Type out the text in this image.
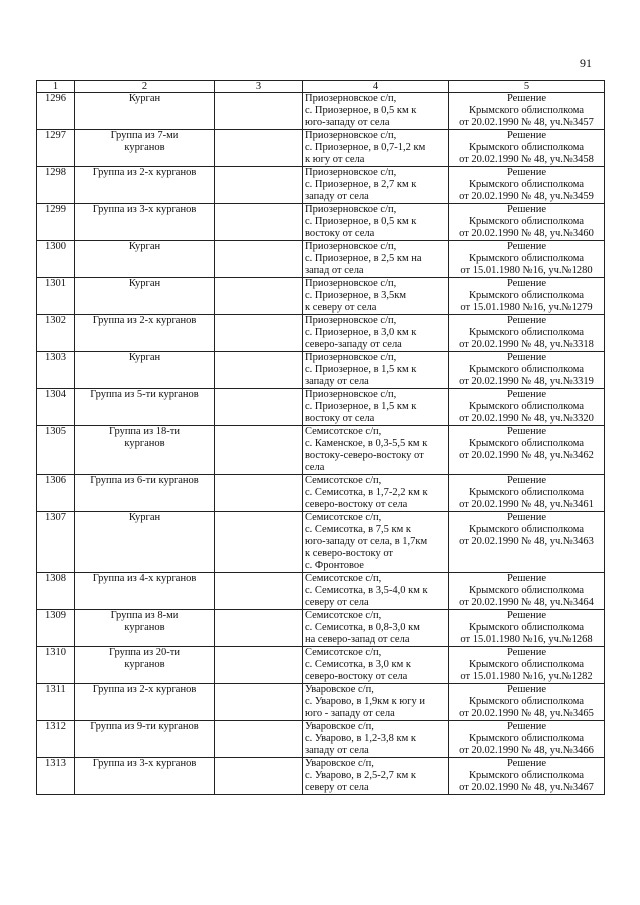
91
1	2	3	4	5
1296	Курган		Приозерновское с/п,
с. Приозерное, в 0,5 км к
юго-западу от села	Решение
Крымского облисполкома
от 20.02.1990 № 48, уч.№3457
1297	Группа из 7-ми
курганов		Приозерновское с/п,
с. Приозерное, в 0,7-1,2 км
к югу от села	Решение
Крымского облисполкома
от 20.02.1990 № 48, уч.№3458
1298	Группа из 2-х курганов		Приозерновское с/п,
с. Приозерное, в 2,7 км к
западу от села	Решение
Крымского облисполкома
от 20.02.1990 № 48, уч.№3459
1299	Группа из 3-х курганов		Приозерновское с/п,
с. Приозерное, в 0,5 км к
востоку от села	Решение
Крымского облисполкома
от 20.02.1990 № 48, уч.№3460
1300	Курган		Приозерновское с/п,
с. Приозерное, в 2,5 км на
запад от села	Решение
Крымского облисполкома
от 15.01.1980 №16, уч.№1280
1301	Курган		Приозерновское с/п,
с. Приозерное, в 3,5км
к северу от села	Решение
Крымского облисполкома
от 15.01.1980 №16, уч.№1279
1302	Группа из 2-х курганов		Приозерновское с/п,
с. Приозерное, в 3,0 км к
северо-западу от села	Решение
Крымского облисполкома
от 20.02.1990 № 48, уч.№3318
1303	Курган		Приозерновское с/п,
с. Приозерное, в 1,5 км к
западу от села	Решение
Крымского облисполкома
от 20.02.1990 № 48, уч.№3319
1304	Группа из 5-ти курганов		Приозерновское с/п,
с. Приозерное, в 1,5 км к
востоку от села	Решение
Крымского облисполкома
от 20.02.1990 № 48, уч.№3320
1305	Группа из 18-ти
курганов		Семисотское с/п,
с. Каменское, в 0,3-5,5 км к
востоку-северо-востоку от
села	Решение
Крымского облисполкома
от 20.02.1990 № 48, уч.№3462
1306	Группа из 6-ти курганов		Семисотское с/п,
с. Семисотка, в 1,7-2,2 км к
северо-востоку от села	Решение
Крымского облисполкома
от 20.02.1990 № 48, уч.№3461
1307	Курган		Семисотское с/п,
с. Семисотка, в 7,5 км к
юго-западу от села, в 1,7км
к северо-востоку от
с. Фронтовое	Решение
Крымского облисполкома
от 20.02.1990 № 48, уч.№3463
1308	Группа из 4-х курганов		Семисотское с/п,
с. Семисотка, в 3,5-4,0 км к
северу от села	Решение
Крымского облисполкома
от 20.02.1990 № 48, уч.№3464
1309	Группа из 8-ми
курганов		Семисотское с/п,
с. Семисотка, в 0,8-3,0 км
на северо-запад от села	Решение
Крымского облисполкома
от 15.01.1980 №16, уч.№1268
1310	Группа из 20-ти
курганов		Семисотское с/п,
с. Семисотка, в 3,0 км к
северо-востоку от села	Решение
Крымского облисполкома
от 15.01.1980 №16, уч.№1282
1311	Группа из 2-х курганов		Уваровское с/п,
с. Уварово, в 1,9км к югу и
юго - западу от села	Решение
Крымского облисполкома
от 20.02.1990 № 48, уч.№3465
1312	Группа из 9-ти курганов		Уваровское с/п,
с. Уварово, в 1,2-3,8 км к
западу от села	Решение
Крымского облисполкома
от 20.02.1990 № 48, уч.№3466
1313	Группа из 3-х курганов		Уваровское с/п,
с. Уварово, в 2,5-2,7 км к
северу от села	Решение
Крымского облисполкома
от 20.02.1990 № 48, уч.№3467
